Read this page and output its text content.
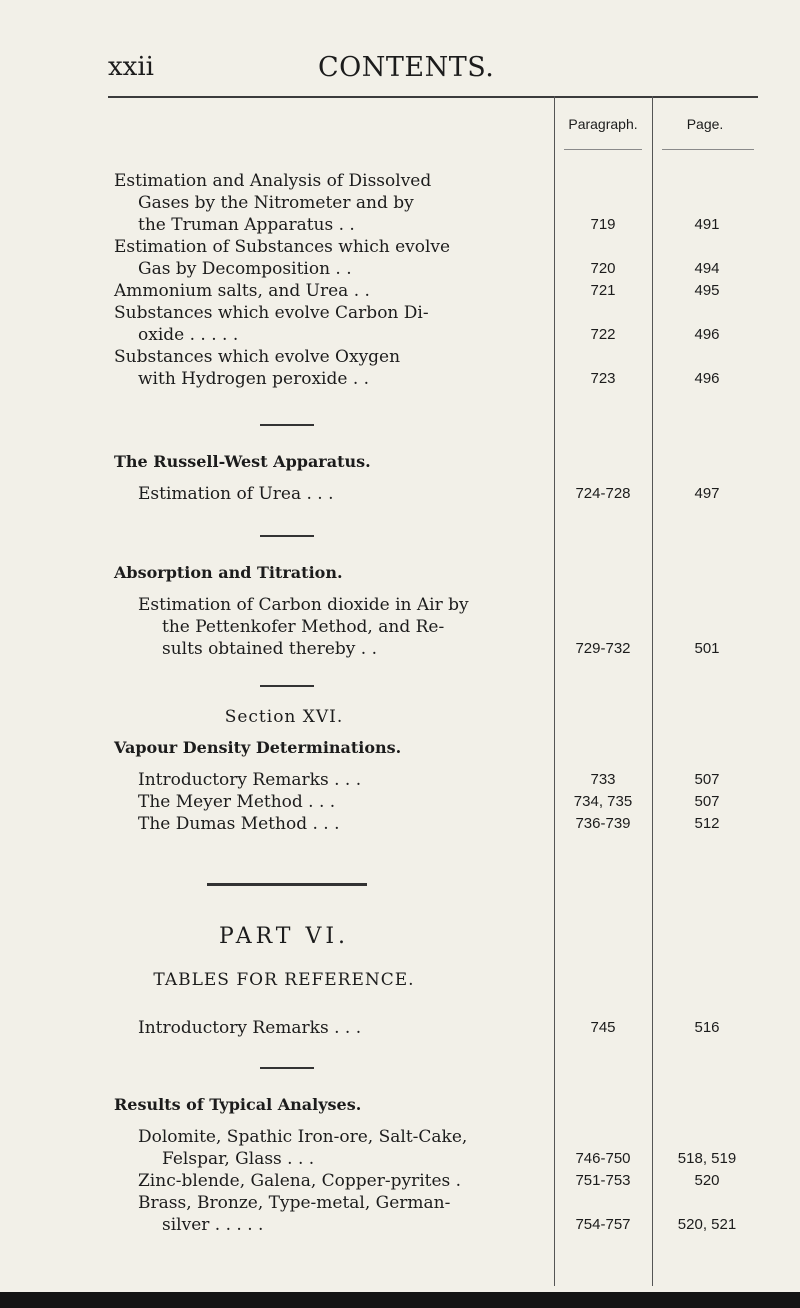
xxii	CONTENTS.
Paragraph.	Page.
Estimation and Analysis of Dissolved
Gases by the Nitrometer and by
the Truman Apparatus . .	719	491
Estimation of Substances which evolve
Gas by Decomposition . .	720	494
Ammonium salts, and Urea . .	721	495
Substances which evolve Carbon Di-
oxide . . . . .	722	496
Substances which evolve Oxygen
with Hydrogen peroxide . .	723	496
The Russell-West Apparatus.
Estimation of Urea . . .	724-728	497
Absorption and Titration.
Estimation of Carbon dioxide in Air by
the Pettenkofer Method, and Re-
sults obtained thereby . .	729-732	501
Section XVI.
Vapour Density Determinations.
Introductory Remarks . . .	733	507
The Meyer Method . . .	734, 735	507
The Dumas Method . . .	736-739	512
PART VI.
TABLES FOR REFERENCE.
Introductory Remarks . . .	745	516
Results of Typical Analyses.
Dolomite, Spathic Iron-ore, Salt-Cake,
Felspar, Glass . . .	746-750	518, 519
Zinc-blende, Galena, Copper-pyrites .	751-753	520
Brass, Bronze, Type-metal, German-
silver . . . . .	754-757	520, 521
